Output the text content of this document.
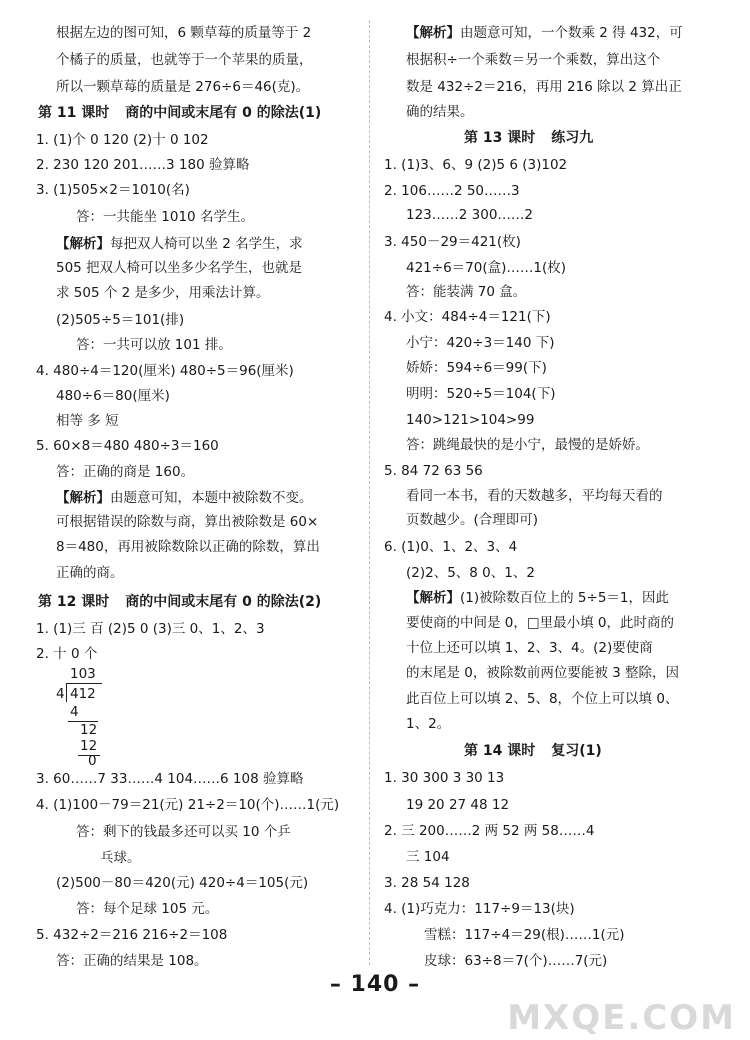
根据左边的图可知，6 颗草莓的质量等于 2
个橘子的质量，也就等于一个苹果的质量，
所以一颗草莓的质量是 276÷6＝46(克)。
第 11 课时 商的中间或末尾有 0 的除法(1)
1. (1)个 0 120 (2)十 0 102
2. 230 120 201……3 180 验算略
3. (1)505×2＝1010(名)
答：一共能坐 1010 名学生。
【解析】每把双人椅可以坐 2 名学生，求
505 把双人椅可以坐多少名学生，也就是
求 505 个 2 是多少，用乘法计算。
(2)505÷5＝101(排)
答：一共可以放 101 排。
4. 480÷4＝120(厘米) 480÷5＝96(厘米)
480÷6＝80(厘米)
相等 多 短
5. 60×8＝480 480÷3＝160
答：正确的商是 160。
【解析】由题意可知，本题中被除数不变。
可根据错误的除数与商，算出被除数是 60×
8＝480，再用被除数除以正确的除数，算出
正确的商。
第 12 课时 商的中间或末尾有 0 的除法(2)
1. (1)三 百 (2)5 0 (3)三 0、1、2、3
2. 十 0 个
103
4 412
4
12
12
0
3. 60……7 33……4 104……6 108 验算略
4. (1)100－79＝21(元) 21÷2＝10(个)……1(元)
答：剩下的钱最多还可以买 10 个乒
乓球。
(2)500－80＝420(元) 420÷4＝105(元)
答：每个足球 105 元。
5. 432÷2＝216 216÷2＝108
答：正确的结果是 108。
【解析】由题意可知，一个数乘 2 得 432，可
根据积÷一个乘数＝另一个乘数，算出这个
数是 432÷2＝216，再用 216 除以 2 算出正
确的结果。
第 13 课时 练习九
1. (1)3、6、9 (2)5 6 (3)102
2. 106……2 50……3
123……2 300……2
3. 450－29＝421(枚)
421÷6＝70(盒)……1(枚)
答：能装满 70 盒。
4. 小文：484÷4＝121(下)
小宁：420÷3＝140 下)
娇娇：594÷6＝99(下)
明明：520÷5＝104(下)
140>121>104>99
答：跳绳最快的是小宁，最慢的是娇娇。
5. 84 72 63 56
看同一本书，看的天数越多，平均每天看的
页数越少。(合理即可)
6. (1)0、1、2、3、4
(2)2、5、8 0、1、2
【解析】(1)被除数百位上的 5÷5＝1，因此
要使商的中间是 0，□里最小填 0，此时商的
十位上还可以填 1、2、3、4。(2)要使商
的末尾是 0，被除数前两位要能被 3 整除，因
此百位上可以填 2、5、8，个位上可以填 0、
1、2。
第 14 课时 复习(1)
1. 30 300 3 30 13
19 20 27 48 12
2. 三 200……2 两 52 两 58……4
三 104
3. 28 54 128
4. (1)巧克力：117÷9＝13(块)
雪糕：117÷4＝29(根)……1(元)
皮球：63÷8＝7(个)……7(元)
– 140 –
MXQE.COM
